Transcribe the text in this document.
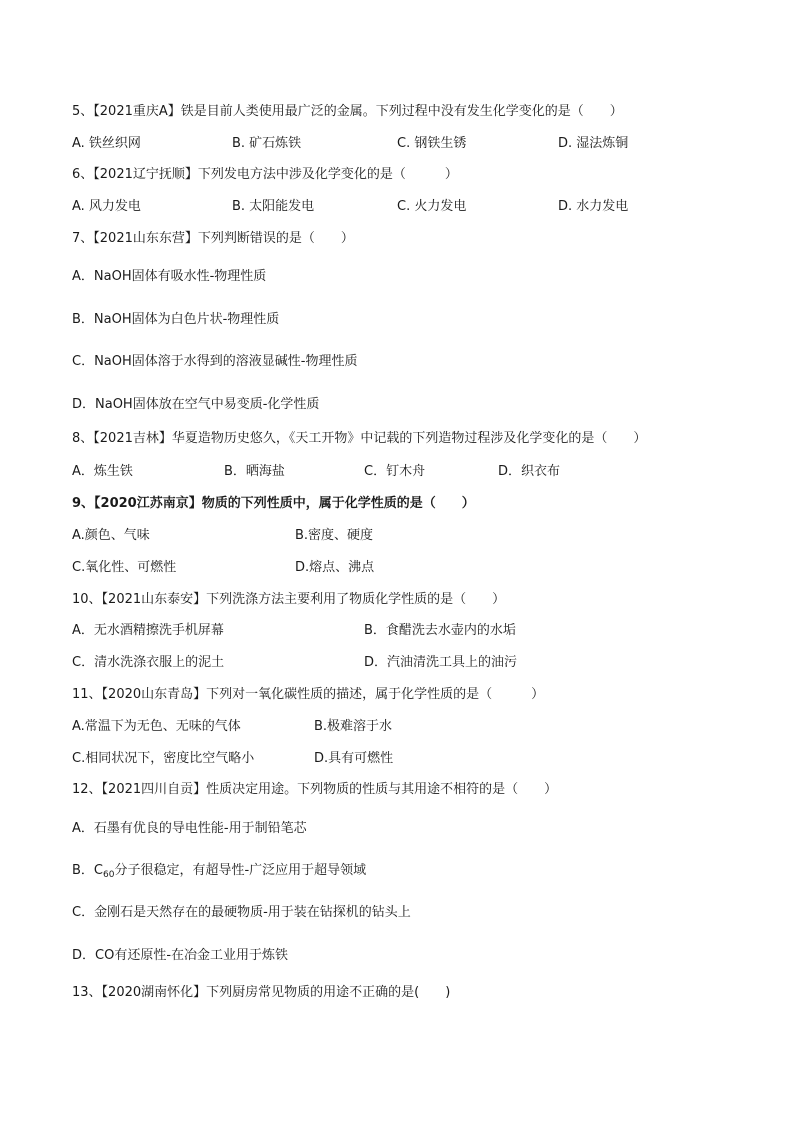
5、【2021重庆A】铁是目前人类使用最广泛的金属。下列过程中没有发生化学变化的是（　　）
A. 铁丝织网	B. 矿石炼铁	C. 钢铁生锈	D. 湿法炼铜
6、【2021辽宁抚顺】下列发电方法中涉及化学变化的是（　　　）
A. 风力发电	B. 太阳能发电	C. 火力发电	D. 水力发电
7、【2021山东东营】下列判断错误的是（　　）
A．NaOH固体有吸水性-物理性质
B．NaOH固体为白色片状-物理性质
C．NaOH固体溶于水得到的溶液显碱性-物理性质
D．NaOH固体放在空气中易变质-化学性质
8、【2021吉林】华夏造物历史悠久，《天工开物》中记载的下列造物过程涉及化学变化的是（　　）
A．炼生铁	B．晒海盐	C．钉木舟	D．织衣布
9、【2020江苏南京】物质的下列性质中，属于化学性质的是（　　）
A.颜色、气味	B.密度、硬度
C.氧化性、可燃性	D.熔点、沸点
10、【2021山东泰安】下列洗涤方法主要利用了物质化学性质的是（　　）
A．无水酒精擦洗手机屏幕	B．食醋洗去水壶内的水垢
C．清水洗涤衣服上的泥土	D．汽油清洗工具上的油污
11、【2020山东青岛】下列对一氧化碳性质的描述，属于化学性质的是（　　　）
A.常温下为无色、无味的气体	B.极难溶于水
C.相同状况下，密度比空气略小	D.具有可燃性
12、【2021四川自贡】性质决定用途。下列物质的性质与其用途不相符的是（　　）
A．石墨有优良的导电性能-用于制铅笔芯
B．$C_{60}$分子很稳定，有超导性-广泛应用于超导领域
C．金刚石是天然存在的最硬物质-用于装在钻探机的钻头上
D．CO有还原性-在冶金工业用于炼铁
13、【2020湖南怀化】下列厨房常见物质的用途不正确的是(　　)
